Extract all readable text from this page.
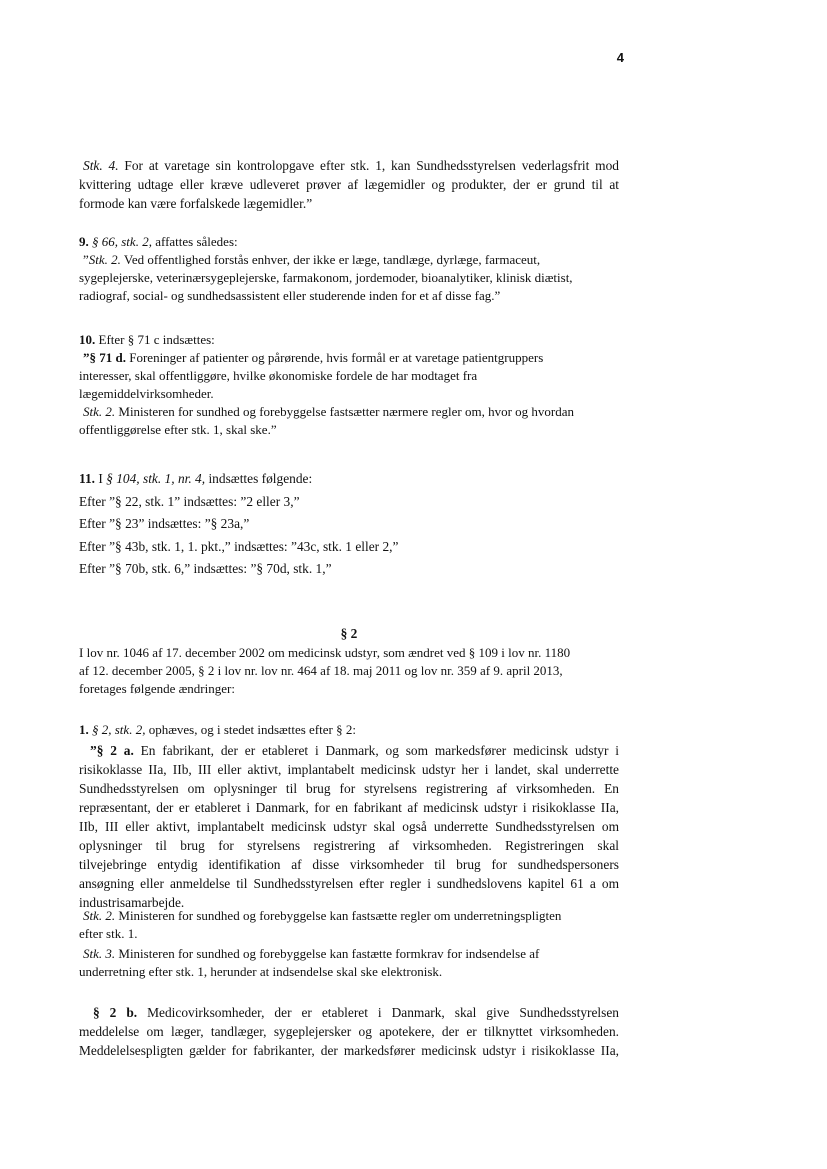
4
Stk. 4. For at varetage sin kontrolopgave efter stk. 1, kan Sundhedsstyrelsen vederlagsfrit mod
kvittering udtage eller kræve udleveret prøver af lægemidler og produkter, der er grund til at
formode kan være forfalskede lægemidler.”
9. § 66, stk. 2, affattes således:
”Stk. 2. Ved offentlighed forstås enhver, der ikke er læge, tandlæge, dyrlæge, farmaceut,
sygeplejerske, veterinærsygeplejerske, farmakonom, jordemoder, bioanalytiker, klinisk diætist,
radiograf, social- og sundhedsassistent eller studerende inden for et af disse fag.”
10. Efter § 71 c indsættes:
”§ 71 d. Foreninger af patienter og pårørende, hvis formål er at varetage patientgruppers
interesser, skal offentliggøre, hvilke økonomiske fordele de har modtaget fra
lægemiddelvirksomheder.
Stk. 2. Ministeren for sundhed og forebyggelse fastsætter nærmere regler om, hvor og hvordan
offentliggørelse efter stk. 1, skal ske.”
11. I § 104, stk. 1, nr. 4, indsættes følgende:
Efter ”§ 22, stk. 1” indsættes: ”2 eller 3,”
Efter ”§ 23” indsættes: ”§ 23a,”
Efter ”§ 43b, stk. 1, 1. pkt.,” indsættes: ”43c, stk. 1 eller 2,”
Efter ”§ 70b, stk. 6,” indsættes: ”§ 70d, stk. 1,”
§ 2
I lov nr. 1046 af 17. december 2002 om medicinsk udstyr, som ændret ved § 109 i lov nr. 1180
af 12. december 2005, § 2 i lov nr. lov nr. 464 af 18. maj 2011 og lov nr. 359 af 9. april 2013,
foretages følgende ændringer:
1. § 2, stk. 2, ophæves, og i stedet indsættes efter § 2:
”§ 2 a. En fabrikant, der er etableret i Danmark, og som markedsfører medicinsk udstyr i
risikoklasse IIa, IIb, III eller aktivt, implantabelt medicinsk udstyr her i landet, skal underrette
Sundhedsstyrelsen om oplysninger til brug for styrelsens registrering af virksomheden. En
repræsentant, der er etableret i Danmark, for en fabrikant af medicinsk udstyr i risikoklasse IIa,
IIb, III eller aktivt, implantabelt medicinsk udstyr skal også underrette Sundhedsstyrelsen om
oplysninger til brug for styrelsens registrering af virksomheden. Registreringen skal
tilvejebringe entydig identifikation af disse virksomheder til brug for sundhedspersoners
ansøgning eller anmeldelse til Sundhedsstyrelsen efter regler i sundhedslovens kapitel 61 a om
industrisamarbejde.
Stk. 2. Ministeren for sundhed og forebyggelse kan fastsætte regler om underretningspligten
efter stk. 1.
Stk. 3. Ministeren for sundhed og forebyggelse kan fastætte formkrav for indsendelse af
underretning efter stk. 1, herunder at indsendelse skal ske elektronisk.
§ 2 b. Medicovirksomheder, der er etableret i Danmark, skal give Sundhedsstyrelsen
meddelelse om læger, tandlæger, sygeplejersker og apotekere, der er tilknyttet virksomheden.
Meddelelsespligten gælder for fabrikanter, der markedsfører medicinsk udstyr i risikoklasse IIa,
